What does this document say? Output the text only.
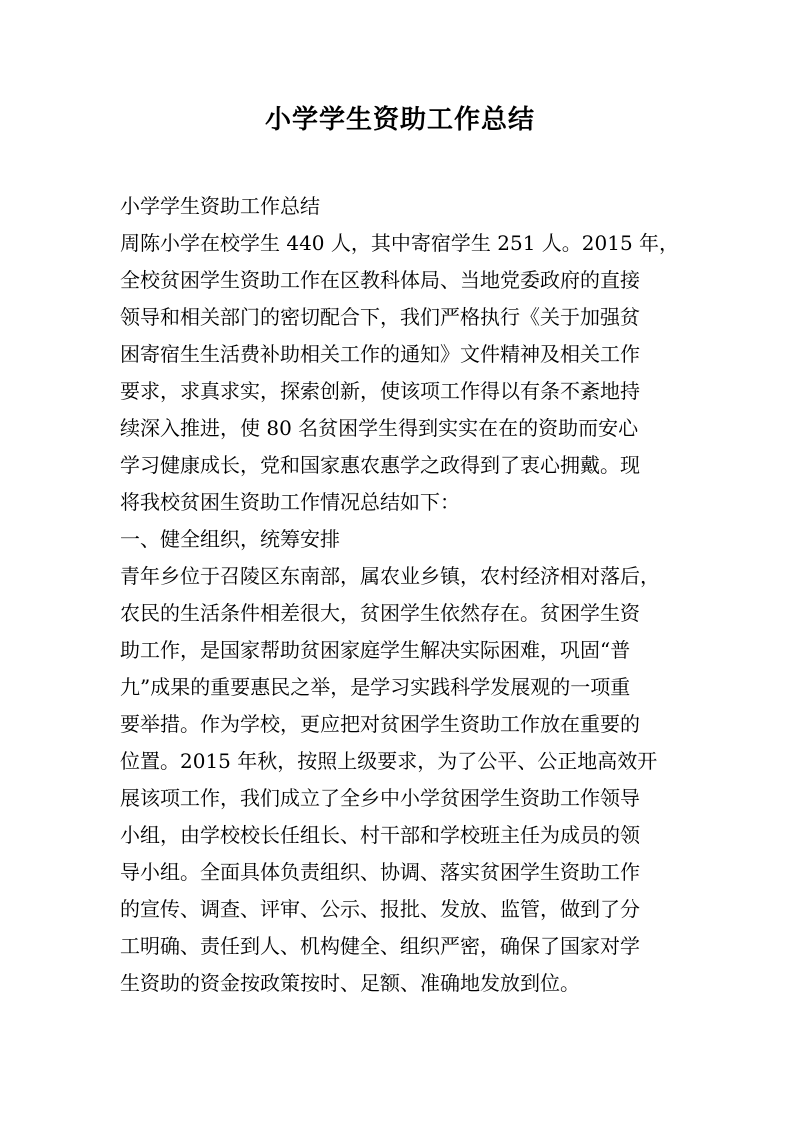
小学学生资助工作总结
小学学生资助工作总结
周陈小学在校学生 440 人，其中寄宿学生 251 人。2015 年，
全校贫困学生资助工作在区教科体局、当地党委政府的直接
领导和相关部门的密切配合下，我们严格执行《关于加强贫
困寄宿生生活费补助相关工作的通知》文件精神及相关工作
要求，求真求实，探索创新，使该项工作得以有条不紊地持
续深入推进，使 80 名贫困学生得到实实在在的资助而安心
学习健康成长，党和国家惠农惠学之政得到了衷心拥戴。现
将我校贫困生资助工作情况总结如下：
一、健全组织，统筹安排
青年乡位于召陵区东南部，属农业乡镇，农村经济相对落后，
农民的生活条件相差很大，贫困学生依然存在。贫困学生资
助工作，是国家帮助贫困家庭学生解决实际困难，巩固“普
九”成果的重要惠民之举，是学习实践科学发展观的一项重
要举措。作为学校，更应把对贫困学生资助工作放在重要的
位置。2015 年秋，按照上级要求，为了公平、公正地高效开
展该项工作，我们成立了全乡中小学贫困学生资助工作领导
小组，由学校校长任组长、村干部和学校班主任为成员的领
导小组。全面具体负责组织、协调、落实贫困学生资助工作
的宣传、调查、评审、公示、报批、发放、监管，做到了分
工明确、责任到人、机构健全、组织严密，确保了国家对学
生资助的资金按政策按时、足额、准确地发放到位。
